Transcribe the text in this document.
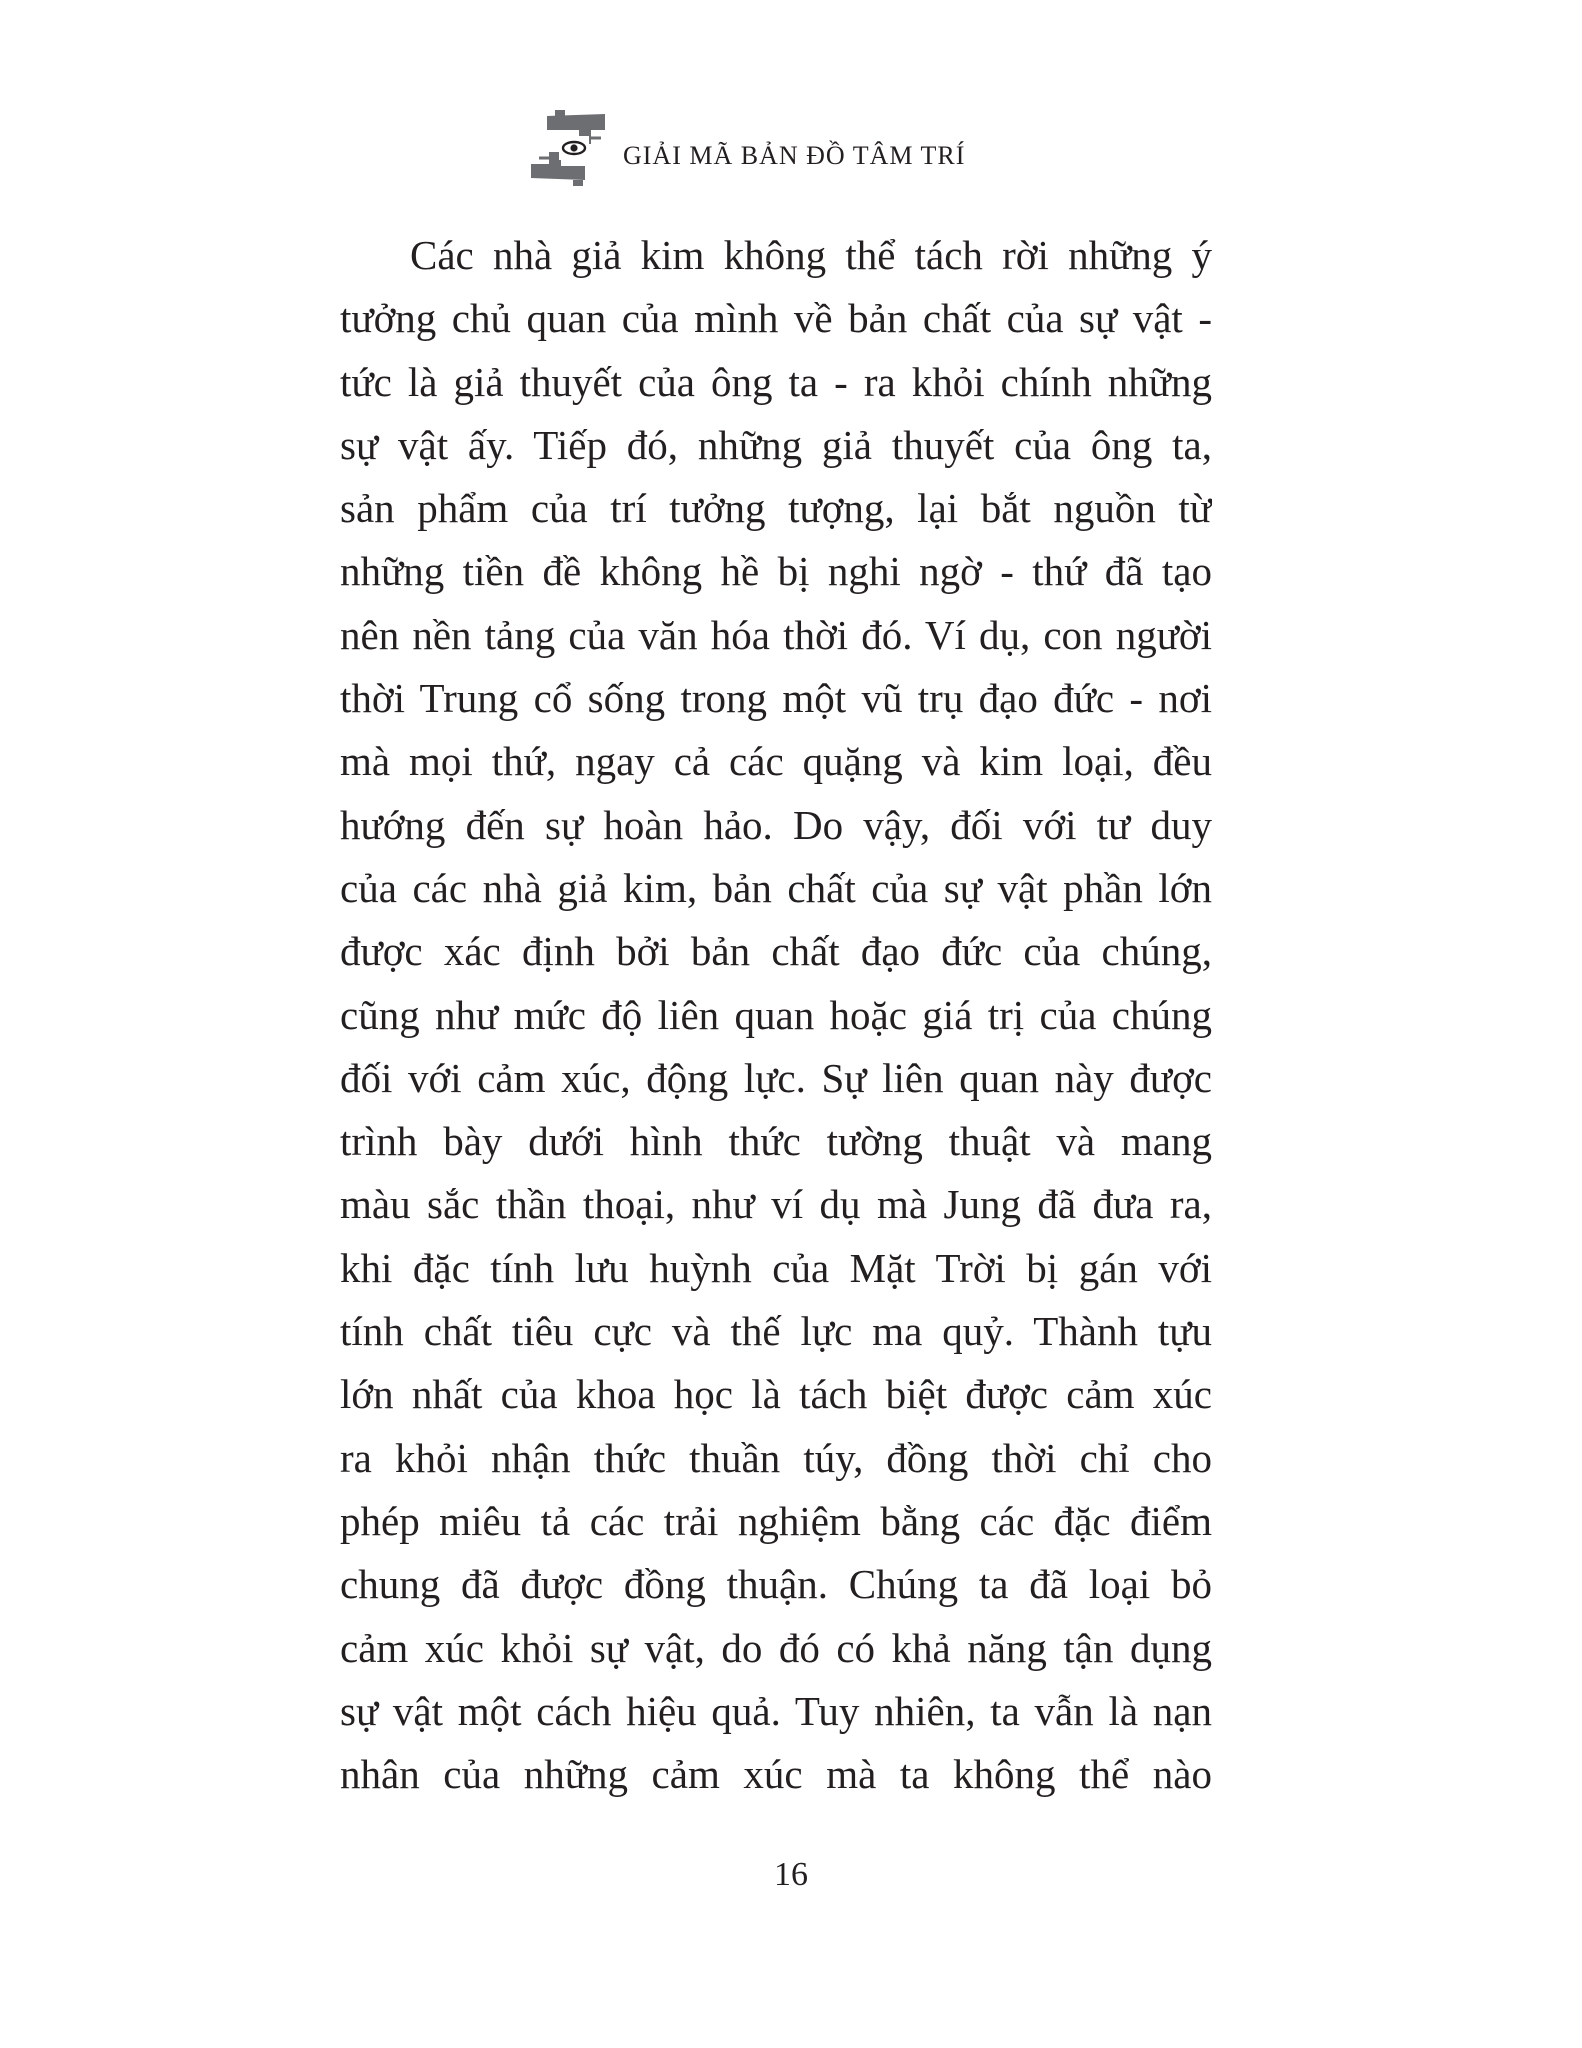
GIẢI MÃ BẢN ĐỒ TÂM TRÍ
Các nhà giả kim không thể tách rời những ý
tưởng chủ quan của mình về bản chất của sự vật -
tức là giả thuyết của ông ta - ra khỏi chính những
sự vật ấy. Tiếp đó, những giả thuyết của ông ta,
sản phẩm của trí tưởng tượng, lại bắt nguồn từ
những tiền đề không hề bị nghi ngờ - thứ đã tạo
nên nền tảng của văn hóa thời đó. Ví dụ, con người
thời Trung cổ sống trong một vũ trụ đạo đức - nơi
mà mọi thứ, ngay cả các quặng và kim loại, đều
hướng đến sự hoàn hảo. Do vậy, đối với tư duy
của các nhà giả kim, bản chất của sự vật phần lớn
được xác định bởi bản chất đạo đức của chúng,
cũng như mức độ liên quan hoặc giá trị của chúng
đối với cảm xúc, động lực. Sự liên quan này được
trình bày dưới hình thức tường thuật và mang
màu sắc thần thoại, như ví dụ mà Jung đã đưa ra,
khi đặc tính lưu huỳnh của Mặt Trời bị gán với
tính chất tiêu cực và thế lực ma quỷ. Thành tựu
lớn nhất của khoa học là tách biệt được cảm xúc
ra khỏi nhận thức thuần túy, đồng thời chỉ cho
phép miêu tả các trải nghiệm bằng các đặc điểm
chung đã được đồng thuận. Chúng ta đã loại bỏ
cảm xúc khỏi sự vật, do đó có khả năng tận dụng
sự vật một cách hiệu quả. Tuy nhiên, ta vẫn là nạn
nhân của những cảm xúc mà ta không thể nào
16
